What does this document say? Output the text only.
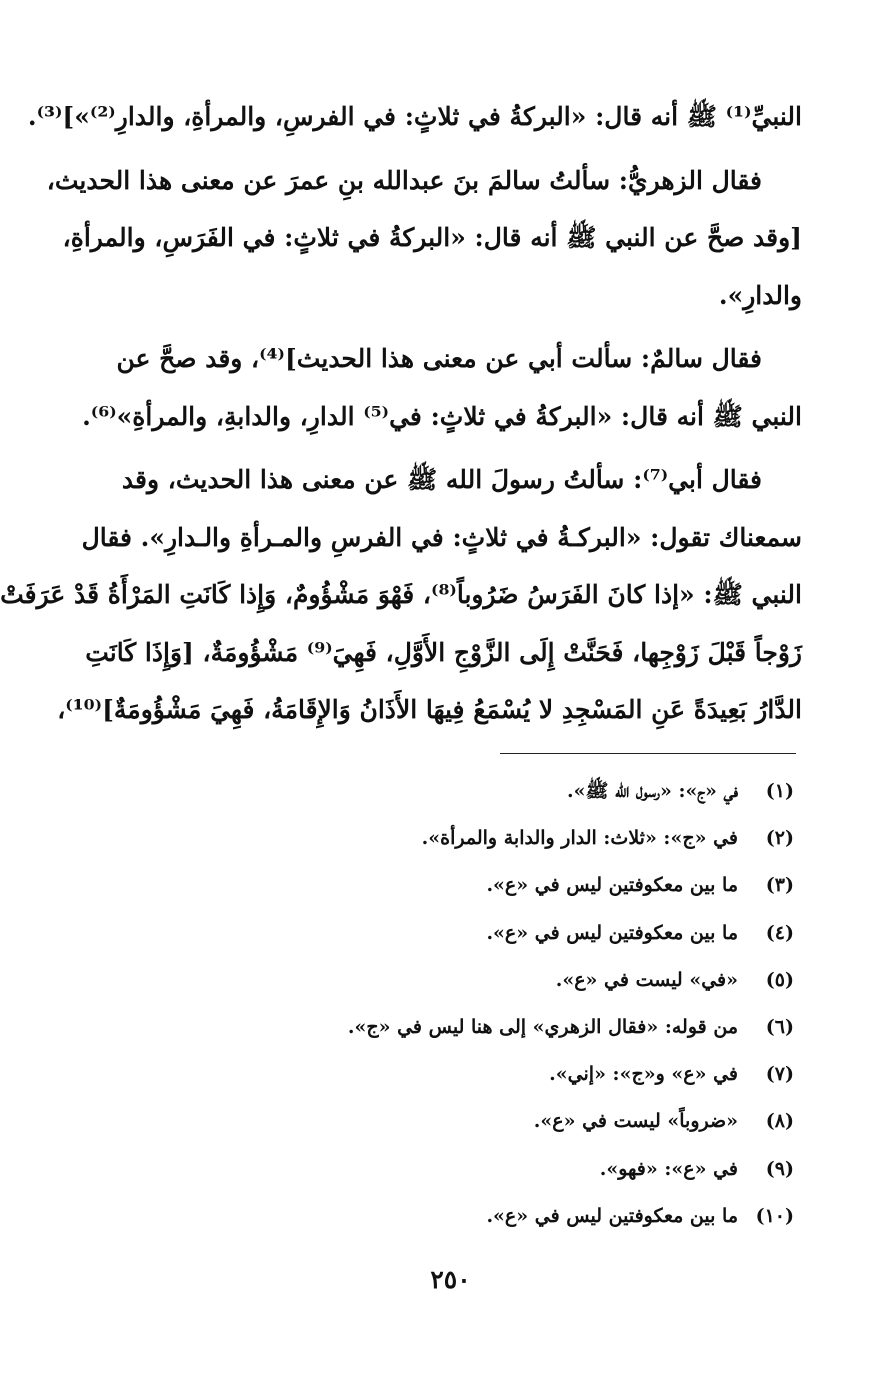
النبيِّ⁽¹⁾ ﷺ أنه قال: «البركةُ في ثلاثٍ: في الفرسِ، والمرأةِ، والدارِ⁽²⁾»]⁽³⁾.
فقال الزهريُّ: سألتُ سالمَ بنَ عبدالله بنِ عمرَ عن معنى هذا الحديث،
[وقد صحَّ عن النبي ﷺ أنه قال: «البركةُ في ثلاثٍ: في الفَرَسِ، والمرأةِ،
والدارِ».
فقال سالمٌ: سألت أبي عن معنى هذا الحديث]⁽⁴⁾، وقد صحَّ عن
النبي ﷺ أنه قال: «البركةُ في ثلاثٍ: في⁽⁵⁾ الدارِ، والدابةِ، والمرأةِ»⁽⁶⁾.
فقال أبي⁽⁷⁾: سألتُ رسولَ الله ﷺ عن معنى هذا الحديث، وقد
سمعناك تقول: «البركـةُ في ثلاثٍ: في الفرسِ والمـرأةِ والـدارِ». فقال
النبي ﷺ: «إذا كانَ الفَرَسُ ضَرُوباً⁽⁸⁾، فَهْوَ مَشْؤُومٌ، وَإِذا كَانَتِ المَرْأَةُ قَدْ عَرَفَتْ
زَوْجاً قَبْلَ زَوْجِها، فَحَنَّتْ إِلَى الزَّوْجِ الأَوَّلِ، فَهِيَ⁽⁹⁾ مَشْؤُومَةٌ، [وَإِذَا كَانَتِ
الدَّارُ بَعِيدَةً عَنِ المَسْجِدِ لا يُسْمَعُ فِيهَا الأَذَانُ وَالإِقَامَةُ، فَهِيَ مَشْؤُومَةٌ]⁽¹⁰⁾،
(١)
في «ج»: «رسول الله ﷺ».
(٢)
في «ج»: «ثلاث: الدار والدابة والمرأة».
(٣)
ما بين معكوفتين ليس في «ع».
(٤)
ما بين معكوفتين ليس في «ع».
(٥)
«في» ليست في «ع».
(٦)
من قوله: «فقال الزهري» إلى هنا ليس في «ج».
(٧)
في «ع» و«ج»: «إني».
(٨)
«ضروباً» ليست في «ع».
(٩)
في «ع»: «فهو».
(١٠)
ما بين معكوفتين ليس في «ع».
٢٥٠
